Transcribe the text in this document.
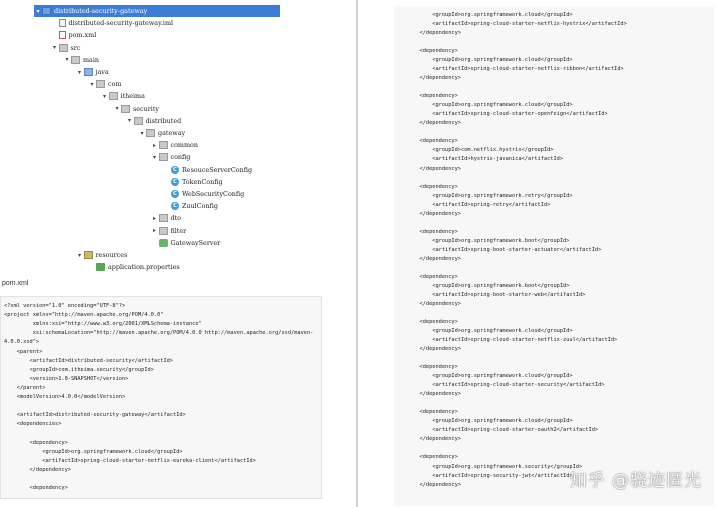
▾	distributed-security-gateway
distributed-security-gateway.iml
pom.xml
▾	src
▾	main
▾	java
▾	com
▾	itheima
▾	security
▾	distributed
▾	gateway
▸	common
▾	config
C ResouceServerConfig
C TokenConfig
C WebSecurityConfig
C ZuulConfig
▸	dto
▸	filter
GatewayServer
▾	resources
application.properties
pom.xml
<?xml version="1.0" encoding="UTF-8"?>
<project xmlns="http://maven.apache.org/POM/4.0.0"
xmlns:xsi="http://www.w3.org/2001/XMLSchema-instance"
xsi:schemaLocation="http://maven.apache.org/POM/4.0.0 http://maven.apache.org/xsd/maven-
4.0.0.xsd">
<parent>
<artifactId>distributed-security</artifactId>
<groupId>com.itheima.security</groupId>
<version>1.0-SNAPSHOT</version>
</parent>
<modelVersion>4.0.0</modelVersion>
<artifactId>distributed-security-gateway</artifactId>
<dependencies>
<dependency>
<groupId>org.springframework.cloud</groupId>
<artifactId>spring-cloud-starter-netflix-eureka-client</artifactId>
</dependency>
<dependency>
<groupId>org.springframework.cloud</groupId>
<artifactId>spring-cloud-starter-netflix-hystrix</artifactId>
</dependency>
<dependency>
<groupId>org.springframework.cloud</groupId>
<artifactId>spring-cloud-starter-netflix-ribbon</artifactId>
</dependency>
<dependency>
<groupId>org.springframework.cloud</groupId>
<artifactId>spring-cloud-starter-openfeign</artifactId>
</dependency>
<dependency>
<groupId>com.netflix.hystrix</groupId>
<artifactId>hystrix-javanica</artifactId>
</dependency>
<dependency>
<groupId>org.springframework.retry</groupId>
<artifactId>spring-retry</artifactId>
</dependency>
<dependency>
<groupId>org.springframework.boot</groupId>
<artifactId>spring-boot-starter-actuator</artifactId>
</dependency>
<dependency>
<groupId>org.springframework.boot</groupId>
<artifactId>spring-boot-starter-web</artifactId>
</dependency>
<dependency>
<groupId>org.springframework.cloud</groupId>
<artifactId>spring-cloud-starter-netflix-zuul</artifactId>
</dependency>
<dependency>
<groupId>org.springframework.cloud</groupId>
<artifactId>spring-cloud-starter-security</artifactId>
</dependency>
<dependency>
<groupId>org.springframework.cloud</groupId>
<artifactId>spring-cloud-starter-oauth2</artifactId>
</dependency>
<dependency>
<groupId>org.springframework.security</groupId>
<artifactId>spring-security-jwt</artifactId>
</dependency>	知乎 @骁迹匿光
